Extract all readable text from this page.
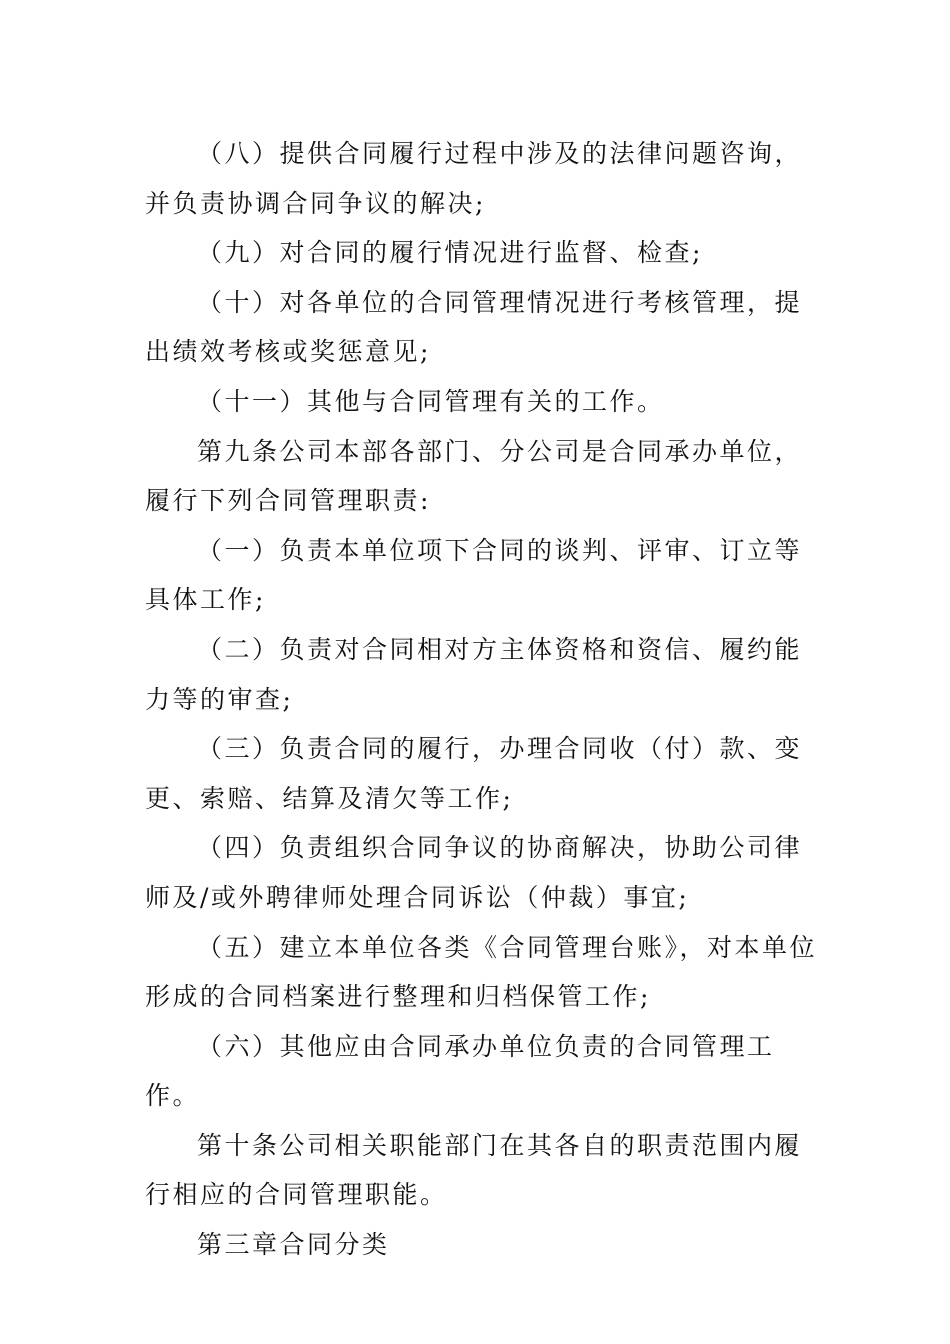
（八）提供合同履行过程中涉及的法律问题咨询，并负责协调合同争议的解决;

（九）对合同的履行情况进行监督、检查;

（十）对各单位的合同管理情况进行考核管理，提出绩效考核或奖惩意见;

（十一）其他与合同管理有关的工作。

第九条公司本部各部门、分公司是合同承办单位，履行下列合同管理职责:

（一）负责本单位项下合同的谈判、评审、订立等具体工作;

（二）负责对合同相对方主体资格和资信、履约能力等的审查;

（三）负责合同的履行，办理合同收（付）款、变更、索赔、结算及清欠等工作;

（四）负责组织合同争议的协商解决，协助公司律师及/或外聘律师处理合同诉讼（仲裁）事宜;

（五）建立本单位各类《合同管理台账》，对本单位形成的合同档案进行整理和归档保管工作;

（六）其他应由合同承办单位负责的合同管理工作。

第十条公司相关职能部门在其各自的职责范围内履行相应的合同管理职能。

第三章合同分类
